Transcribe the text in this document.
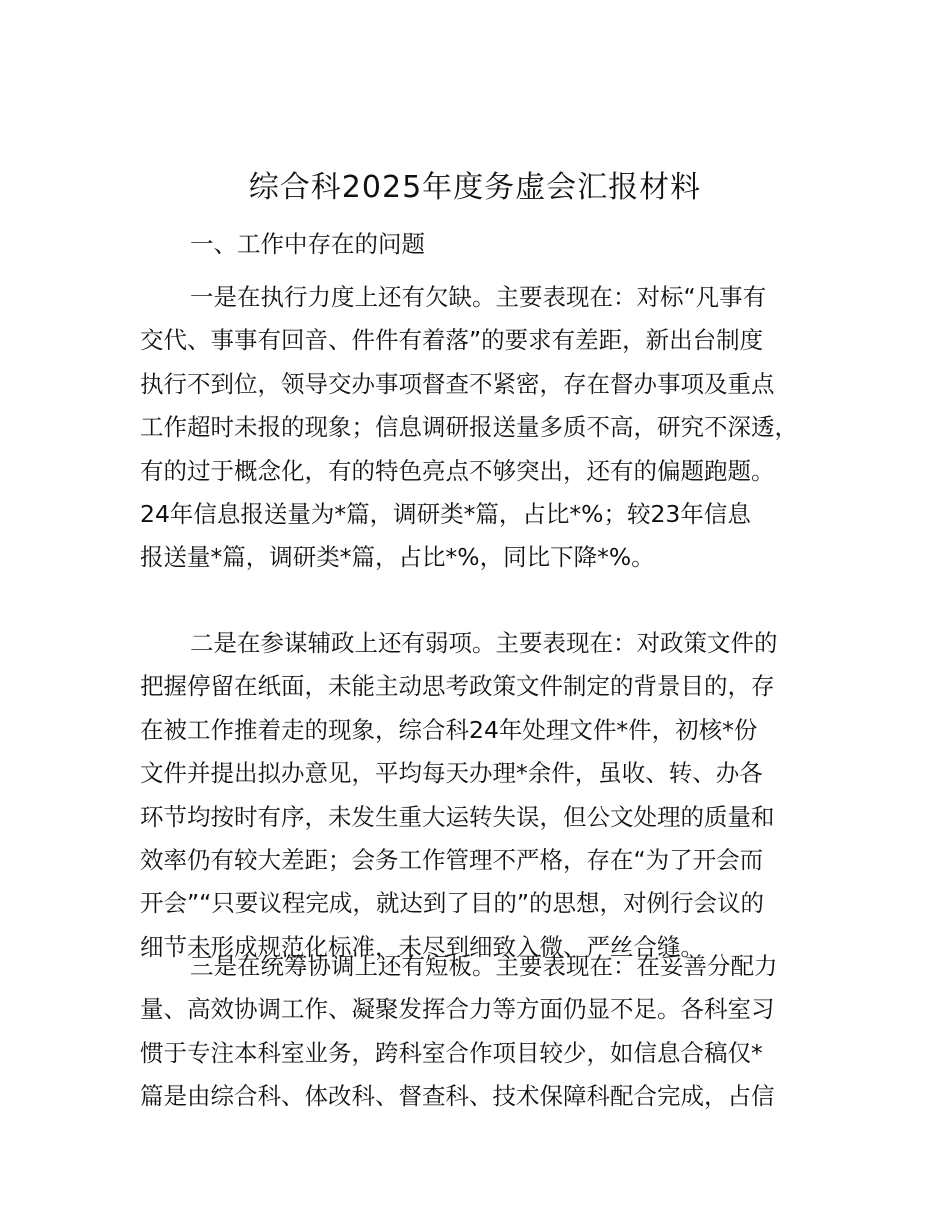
综合科2025年度务虚会汇报材料
一、工作中存在的问题
一是在执行力度上还有欠缺。主要表现在：对标“凡事有
交代、事事有回音、件件有着落”的要求有差距，新出台制度
执行不到位，领导交办事项督查不紧密，存在督办事项及重点
工作超时未报的现象；信息调研报送量多质不高，研究不深透，
有的过于概念化，有的特色亮点不够突出，还有的偏题跑题。
24年信息报送量为*篇，调研类*篇，占比*%；较23年信息
报送量*篇，调研类*篇，占比*%，同比下降*%。
二是在参谋辅政上还有弱项。主要表现在：对政策文件的
把握停留在纸面，未能主动思考政策文件制定的背景目的，存
在被工作推着走的现象，综合科24年处理文件*件，初核*份
文件并提出拟办意见，平均每天办理*余件，虽收、转、办各
环节均按时有序，未发生重大运转失误，但公文处理的质量和
效率仍有较大差距；会务工作管理不严格，存在“为了开会而
开会”“只要议程完成，就达到了目的”的思想，对例行会议的
细节未形成规范化标准，未尽到细致入微、严丝合缝。
三是在统筹协调上还有短板。主要表现在：在妥善分配力
量、高效协调工作、凝聚发挥合力等方面仍显不足。各科室习
惯于专注本科室业务，跨科室合作项目较少，如信息合稿仅*
篇是由综合科、体改科、督查科、技术保障科配合完成，占信
